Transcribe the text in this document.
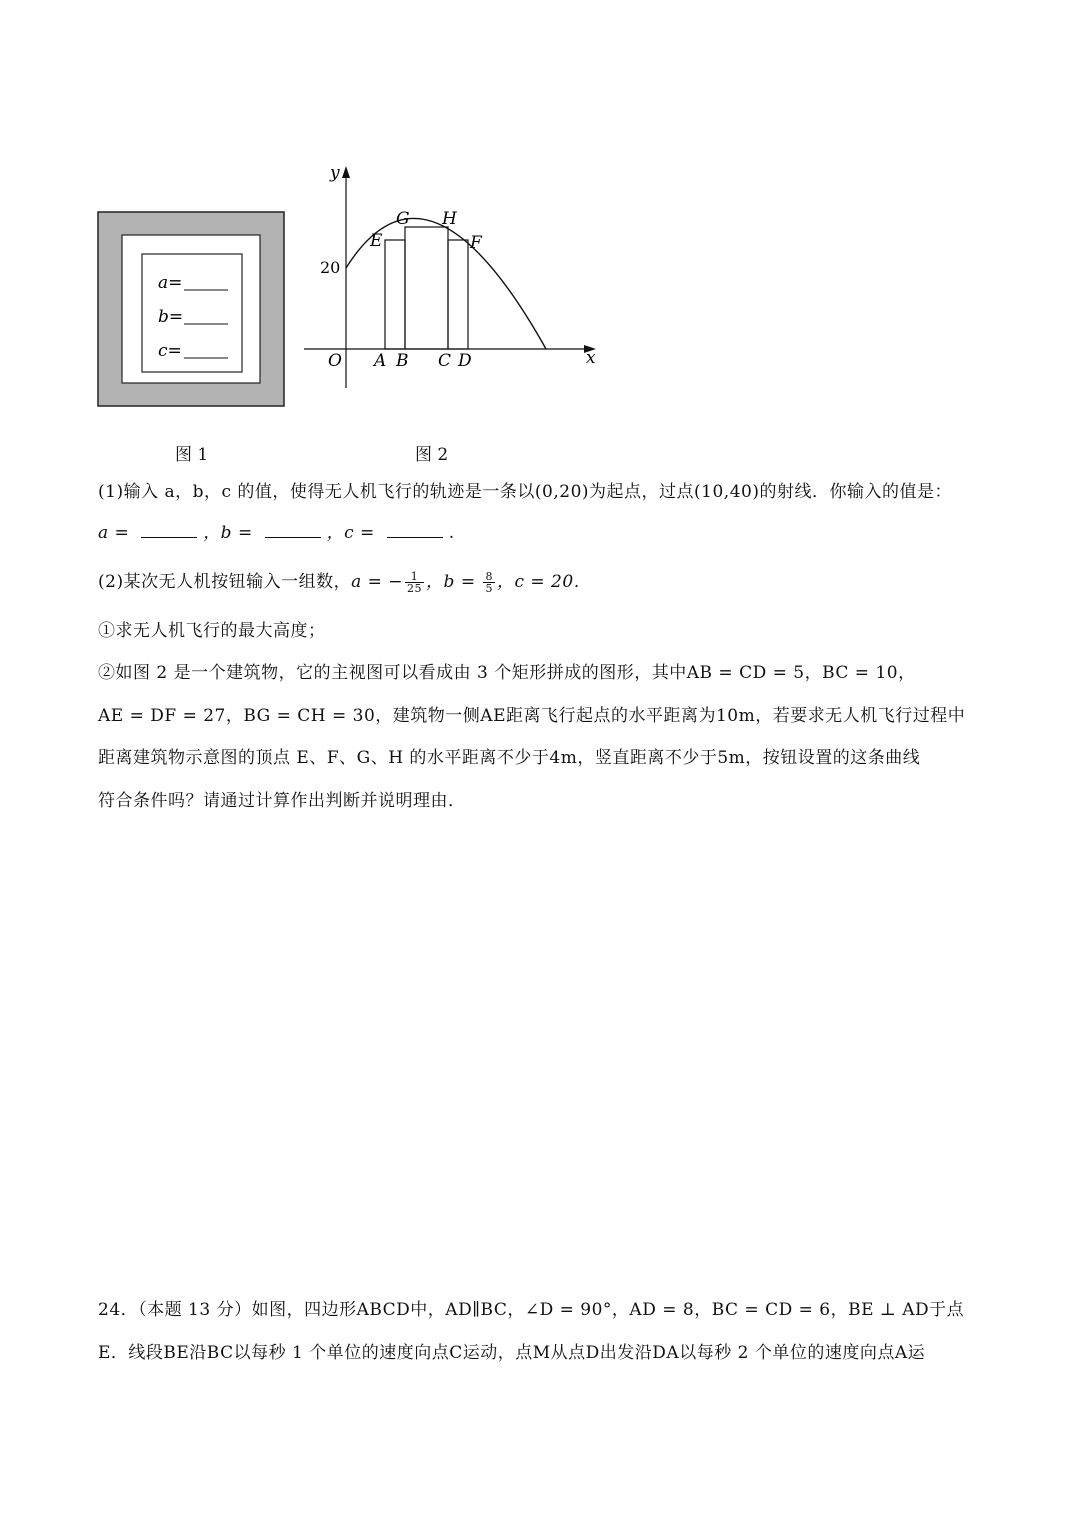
a=
b=
c=
y
x
O
20
E
G H
F
A B C D
图 1	图 2
(1)输入 a，b，c 的值，使得无人机飞行的轨迹是一条以(0,20)为起点，过点(10,40)的射线．你输入的值是：
a =	，b =	，c =	.
(2)某次无人机按钮输入一组数，a = − $\frac{1}{25}$ ，$b = \frac{8}{5}$ ，c = 20．
①求无人机飞行的最大高度；
②如图 2 是一个建筑物，它的主视图可以看成由 3 个矩形拼成的图形，其中AB = CD = 5，BC = 10，
AE = DF = 27，BG = CH = 30，建筑物一侧AE距离飞行起点的水平距离为10m，若要求无人机飞行过程中
距离建筑物示意图的顶点 E、F、G、H 的水平距离不少于4m，竖直距离不少于5m，按钮设置的这条曲线
符合条件吗？请通过计算作出判断并说明理由．
24．（本题 13 分）如图，四边形ABCD中，AD∥BC，∠D = 90°，AD = 8，BC = CD = 6，BE ⊥ AD于点
E．线段BE沿BC以每秒 1 个单位的速度向点C运动，点M从点D出发沿DA以每秒 2 个单位的速度向点A运
